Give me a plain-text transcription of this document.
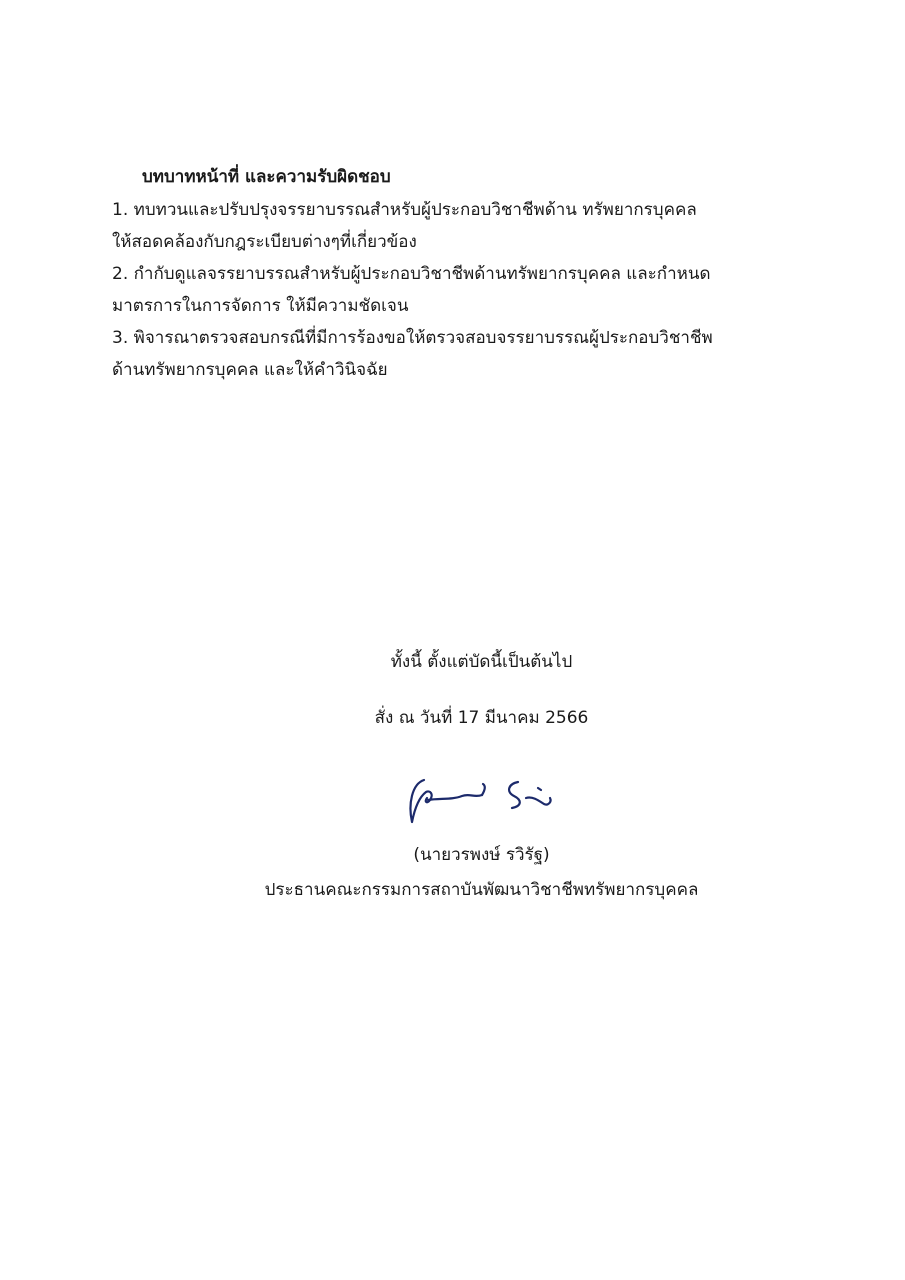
บทบาทหน้าที่ และความรับผิดชอบ

1. ทบทวนและปรับปรุงจรรยาบรรณสำหรับผู้ประกอบวิชาชีพด้าน ทรัพยากรบุคคล
ให้สอดคล้องกับกฎระเบียบต่างๆที่เกี่ยวข้อง

2. กำกับดูแลจรรยาบรรณสำหรับผู้ประกอบวิชาชีพด้านทรัพยากรบุคคล และกำหนด
มาตรการในการจัดการ ให้มีความชัดเจน

3. พิจารณาตรวจสอบกรณีที่มีการร้องขอให้ตรวจสอบจรรยาบรรณผู้ประกอบวิชาชีพ
ด้านทรัพยากรบุคคล และให้คำวินิจฉัย

ทั้งนี้ ตั้งแต่บัดนี้เป็นต้นไป
สั่ง ณ วันที่ 17 มีนาคม 2566
(นายวรพงษ์ รวิรัฐ)
ประธานคณะกรรมการสถาบันพัฒนาวิชาชีพทรัพยากรบุคคล
